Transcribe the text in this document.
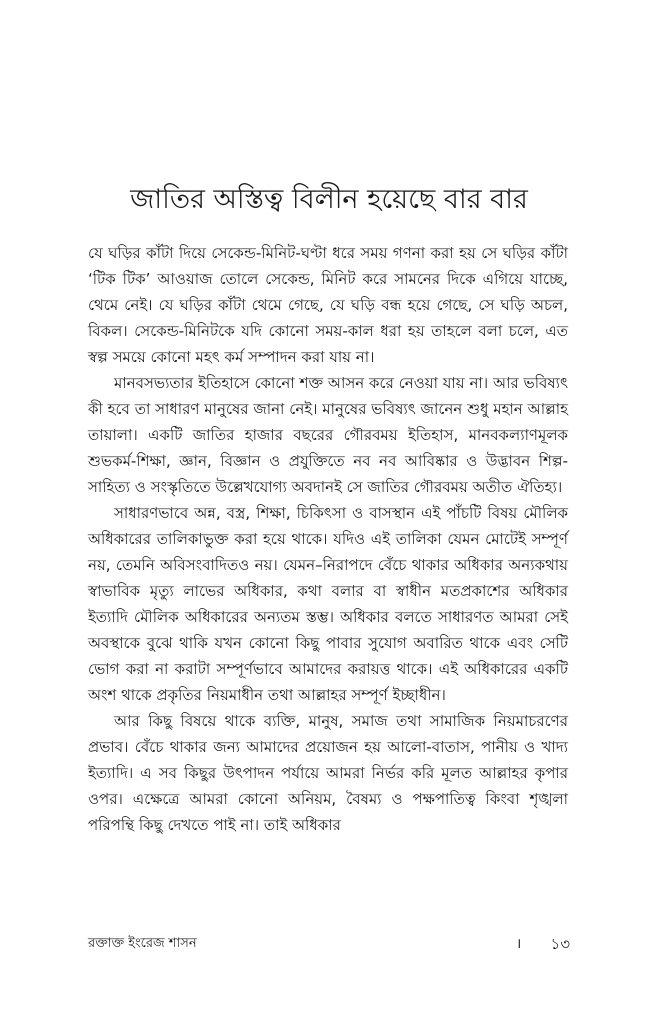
জাতির অস্তিত্ব বিলীন হয়েছে বার বার

যে ঘড়ির কাঁটা দিয়ে সেকেন্ড-মিনিট-ঘণ্টা ধরে সময় গণনা করা হয় সে ঘড়ির কাঁটা ‘টিক টিক’ আওয়াজ তোলে সেকেন্ড, মিনিট করে সামনের দিকে এগিয়ে যাচ্ছে, থেমে নেই। যে ঘড়ির কাঁটা থেমে গেছে, যে ঘড়ি বন্ধ হয়ে গেছে, সে ঘড়ি অচল, বিকল। সেকেন্ড-মিনিটকে যদি কোনো সময়-কাল ধরা হয় তাহলে বলা চলে, এত স্বল্প সময়ে কোনো মহৎ কর্ম সম্পাদন করা যায় না।

মানবসভ্যতার ইতিহাসে কোনো শক্ত আসন করে নেওয়া যায় না। আর ভবিষ্যৎ কী হবে তা সাধারণ মানুষের জানা নেই। মানুষের ভবিষ্যৎ জানেন শুধু মহান আল্লাহ তায়ালা। একটি জাতির হাজার বছরের গৌরবময় ইতিহাস, মানবকল্যাণমূলক শুভকর্ম-শিক্ষা, জ্ঞান, বিজ্ঞান ও প্রযুক্তিতে নব নব আবিষ্কার ও উদ্ভাবন শিল্প-সাহিত্য ও সংস্কৃতিতে উল্লেখযোগ্য অবদানই সে জাতির গৌরবময় অতীত ঐতিহ্য।

সাধারণভাবে অন্ন, বস্ত্র, শিক্ষা, চিকিৎসা ও বাসস্থান এই পাঁচটি বিষয় মৌলিক অধিকারের তালিকাভুক্ত করা হয়ে থাকে। যদিও এই তালিকা যেমন মোটেই সম্পূর্ণ নয়, তেমনি অবিসংবাদিতও নয়। যেমন–নিরাপদে বেঁচে থাকার অধিকার অন্যকথায় স্বাভাবিক মৃত্যু লাভের অধিকার, কথা বলার বা স্বাধীন মতপ্রকাশের অধিকার ইত্যাদি মৌলিক অধিকারের অন্যতম স্তম্ভ। অধিকার বলতে সাধারণত আমরা সেই অবস্থাকে বুঝে থাকি যখন কোনো কিছু পাবার সুযোগ অবারিত থাকে এবং সেটি ভোগ করা না করাটা সম্পূর্ণভাবে আমাদের করায়ত্ত থাকে। এই অধিকারের একটি অংশ থাকে প্রকৃতির নিয়মাধীন তথা আল্লাহর সম্পূর্ণ ইচ্ছাধীন।

আর কিছু বিষয়ে থাকে ব্যক্তি, মানুষ, সমাজ তথা সামাজিক নিয়মাচরণের প্রভাব। বেঁচে থাকার জন্য আমাদের প্রয়োজন হয় আলো-বাতাস, পানীয় ও খাদ্য ইত্যাদি। এ সব কিছুর উৎপাদন পর্যায়ে আমরা নির্ভর করি মূলত আল্লাহর কৃপার ওপর। এক্ষেত্রে আমরা কোনো অনিয়ম, বৈষম্য ও পক্ষপাতিত্ব কিংবা শৃঙ্খলা পরিপন্থি কিছু দেখতে পাই না। তাই অধিকার

রক্তাক্ত ইংরেজ শাসন	। ১৩
